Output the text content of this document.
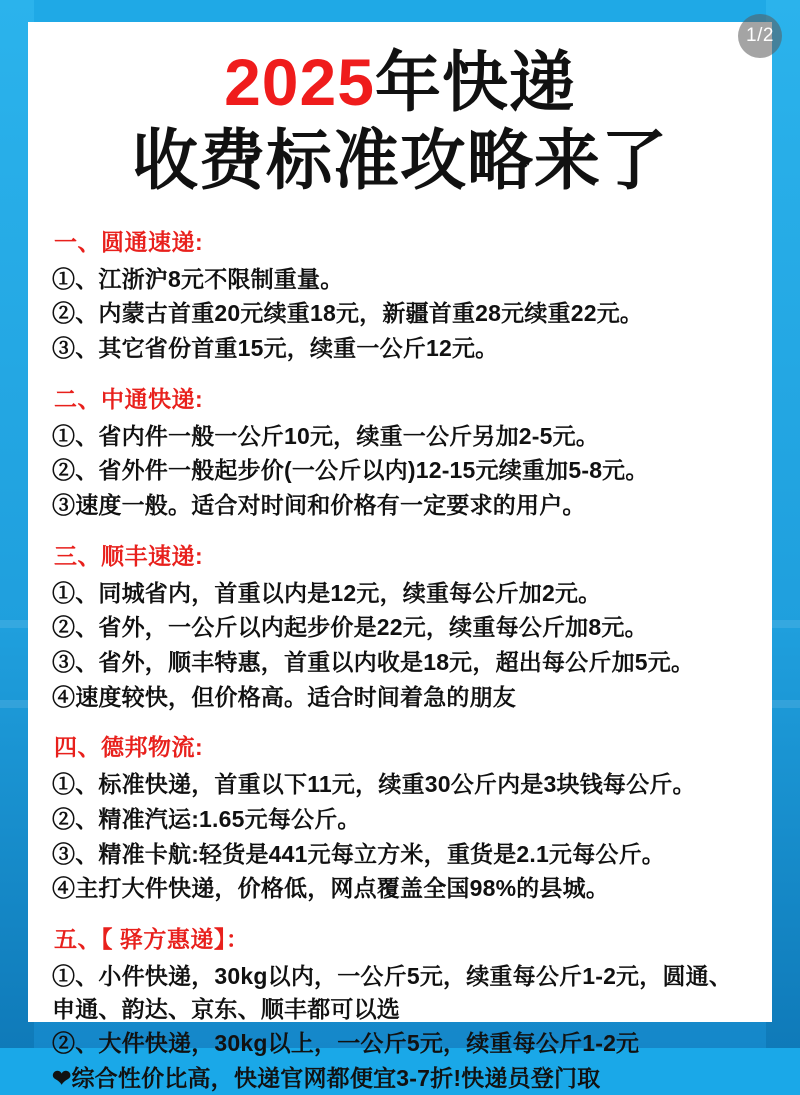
1/2
2025年快递
收费标准攻略来了
一、圆通速递:
①、江浙沪8元不限制重量。
②、内蒙古首重20元续重18元，新疆首重28元续重22元。
③、其它省份首重15元，续重一公斤12元。
二、中通快递:
①、省内件一般一公斤10元，续重一公斤另加2-5元。
②、省外件一般起步价(一公斤以内)12-15元续重加5-8元。
③速度一般。适合对时间和价格有一定要求的用户。
三、顺丰速递:
①、同城省内，首重以内是12元，续重每公斤加2元。
②、省外，一公斤以内起步价是22元，续重每公斤加8元。
③、省外，顺丰特惠，首重以内收是18元，超出每公斤加5元。
④速度较快，但价格高。适合时间着急的朋友
四、德邦物流:
①、标准快递，首重以下11元，续重30公斤内是3块钱每公斤。
②、精准汽运:1.65元每公斤。
③、精准卡航:轻货是441元每立方米，重货是2.1元每公斤。
④主打大件快递，价格低，网点覆盖全国98%的县城。
五、【 驿方惠递】：
①、小件快递，30kg以内，一公斤5元，续重每公斤1-2元，圆通、申通、韵达、京东、顺丰都可以选
②、大件快递，30kg以上，一公斤5元，续重每公斤1-2元
❤综合性价比高，快递官网都便宜3-7折!快递员登门取
